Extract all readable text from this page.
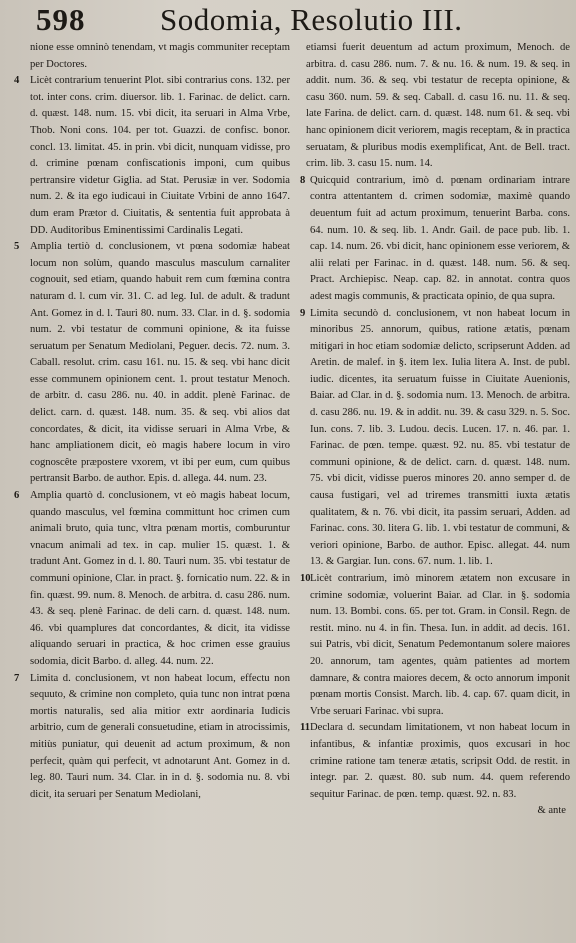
598 Sodomia, Resolutio III.

nione esse omninò tenendam, vt magis communiter receptam per Doctores.

4	Licèt contrarium tenuerint Plot. sibi contrarius cons. 132. per tot. inter cons. crim. diuersor. lib. 1. Farinac. de delict. carn. d. quæst. 148. num. 15. vbi dicit, ita seruari in Alma Vrbe, Thob. Noni cons. 104. per tot. Guazzi. de confisc. bonor. concl. 13. limitat. 45. in prin. vbi dicit, nunquam vidisse, pro d. crimine pœnam confiscationis imponi, cum quibus pertransire videtur Giglia. ad Stat. Perusiæ in ver. Sodomia num. 2. & ita ego iudicaui in Ciuitate Vrbini de anno 1647. dum eram Prætor d. Ciuitatis, & sententia fuit approbata à DD. Auditoribus Eminentissimi Cardinalis Legati.

5	Amplia tertiò d. conclusionem, vt pœna sodomiæ habeat locum non solùm, quando masculus masculum carnaliter cognouit, sed etiam, quando habuit rem cum fœmina contra naturam d. l. cum vir. 31. C. ad leg. Iul. de adult. & tradunt Ant. Gomez in d. l. Tauri 80. num. 33. Clar. in d. §. sodomia num. 2. vbi testatur de communi opinione, & ita fuisse seruatum per Senatum Mediolani, Peguer. decis. 72. num. 3. Caball. resolut. crim. casu 161. nu. 15. & seq. vbi hanc dicit esse communem opinionem cent. 1. prout testatur Menoch. de arbitr. d. casu 286. nu. 40. in addit. plenè Farinac. de delict. carn. d. quæst. 148. num. 35. & seq. vbi alios dat concordates, & dicit, ita vidisse seruari in Alma Vrbe, & hanc ampliationem dicit, eò magis habere locum in viro cognoscête præpostere vxorem, vt ibi per eum, cum quibus pertransit Barbo. de author. Epis. d. allega. 44. num. 23.

6	Amplia quartò d. conclusionem, vt eò magis habeat locum, quando masculus, vel fœmina committunt hoc crimen cum animali bruto, quia tunc, vltra pœnam mortis, comburuntur vnacum animali ad tex. in cap. mulier 15. quæst. 1. & tradunt Ant. Gomez in d. l. 80. Tauri num. 35. vbi testatur de communi opinione, Clar. in pract. §. fornicatio num. 22. & in fin. quæst. 99. num. 8. Menoch. de arbitra. d. casu 286. num. 43. & seq. plenè Farinac. de deli carn. d. quæst. 148. num. 46. vbi quamplures dat concordantes, & dicit, ita vidisse aliquando seruari in practica, & hoc crimen esse grauius sodomia, dicit Barbo. d. alleg. 44. num. 22.

7	Limita d. conclusionem, vt non habeat locum, effectu non sequuto, & crimine non completo, quia tunc non intrat pœna mortis naturalis, sed alia mitior extr aordinaria Iudicis arbitrio, cum de generali consuetudine, etiam in atrocissimis, mitiùs puniatur, qui deuenit ad actum proximum, & non perfecit, quàm qui perfecit, vt adnotarunt Ant. Gomez in d. leg. 80. Tauri num. 34. Clar. in in d. §. sodomia nu. 8. vbi dicit, ita seruari per Senatum Mediolani,

etiamsi fuerit deuentum ad actum proximum, Menoch. de arbitra. d. casu 286. num. 7. & nu. 16. & num. 19. & seq. in addit. num. 36. & seq. vbi testatur de recepta opinione, & casu 360. num. 59. & seq. Caball. d. casu 16. nu. 11. & seq. late Farina. de delict. carn. d. quæst. 148. num 61. & seq. vbi hanc opinionem dicit veriorem, magis receptam, & in practica seruatam, & pluribus modis exemplificat, Ant. de Bell. tract. crim. lib. 3. casu 15. num. 14.

8 Quicquid contrarium, imò d. pœnam ordinariam intrare contra attentantem d. crimen sodomiæ, maximè quando deuentum fuit ad actum proximum, tenuerint Barba. cons. 64. num. 10. & seq. lib. 1. Andr. Gail. de pace pub. lib. 1. cap. 14. num. 26. vbi dicit, hanc opinionem esse veriorem, & alii relati per Farinac. in d. quæst. 148. num. 56. & seq. Pract. Archiepisc. Neap. cap. 82. in annotat. contra quos adest magis communis, & practicata opinio, de qua supra.

9 Limita secundò d. conclusionem, vt non habeat locum in minoribus 25. annorum, quibus, ratione ætatis, pœnam mitigari in hoc etiam sodomiæ delicto, scripserunt Adden. ad Aretin. de malef. in §. item lex. Iulia litera A. Inst. de publ. iudic. dicentes, ita seruatum fuisse in Ciuitate Auenionis, Baiar. ad Clar. in d. §. sodomia num. 13. Menoch. de arbitra. d. casu 286. nu. 19. & in addit. nu. 39. & casu 329. n. 5. Soc. Iun. cons. 7. lib. 3. Ludou. decis. Lucen. 17. n. 46. par. 1. Farinac. de pœn. tempe. quæst. 92. nu. 85. vbi testatur de communi opinione, & de delict. carn. d. quæst. 148. num. 75. vbi dicit, vidisse pueros minores 20. anno semper d. de causa fustigari, vel ad triremes transmitti iuxta ætatis qualitatem, & n. 76. vbi dicit, ita passim seruari, Adden. ad Farinac. cons. 30. litera G. lib. 1. vbi testatur de communi, & veriori opinione, Barbo. de author. Episc. allegat. 44. num 13. & Gargiar. Iun. cons. 67. num. 1. lib. 1.

10 Licèt contrarium, imò minorem ætatem non excusare in crimine sodomiæ, voluerint Baiar. ad Clar. in §. sodomia num. 13. Bombi. cons. 65. per tot. Gram. in Consil. Regn. de restit. mino. nu 4. in fin. Thesa. Iun. in addit. ad decis. 161. sui Patris, vbi dicit, Senatum Pedemontanum solere maiores 20. annorum, tam agentes, quàm patientes ad mortem damnare, & contra maiores decem, & octo annorum imponit pœnam mortis Consist. March. lib. 4. cap. 67. quam dicit, in Vrbe seruari Farinac. vbi supra.

11 Declara d. secundam limitationem, vt non habeat locum in infantibus, & infantiæ proximis, quos excusari in hoc crimine ratione tam teneræ ætatis, scripsit Odd. de restit. in integr. par. 2. quæst. 80. sub num. 44. quem referendo sequitur Farinac. de pœn. temp. quæst. 92. n. 83.

& ante
